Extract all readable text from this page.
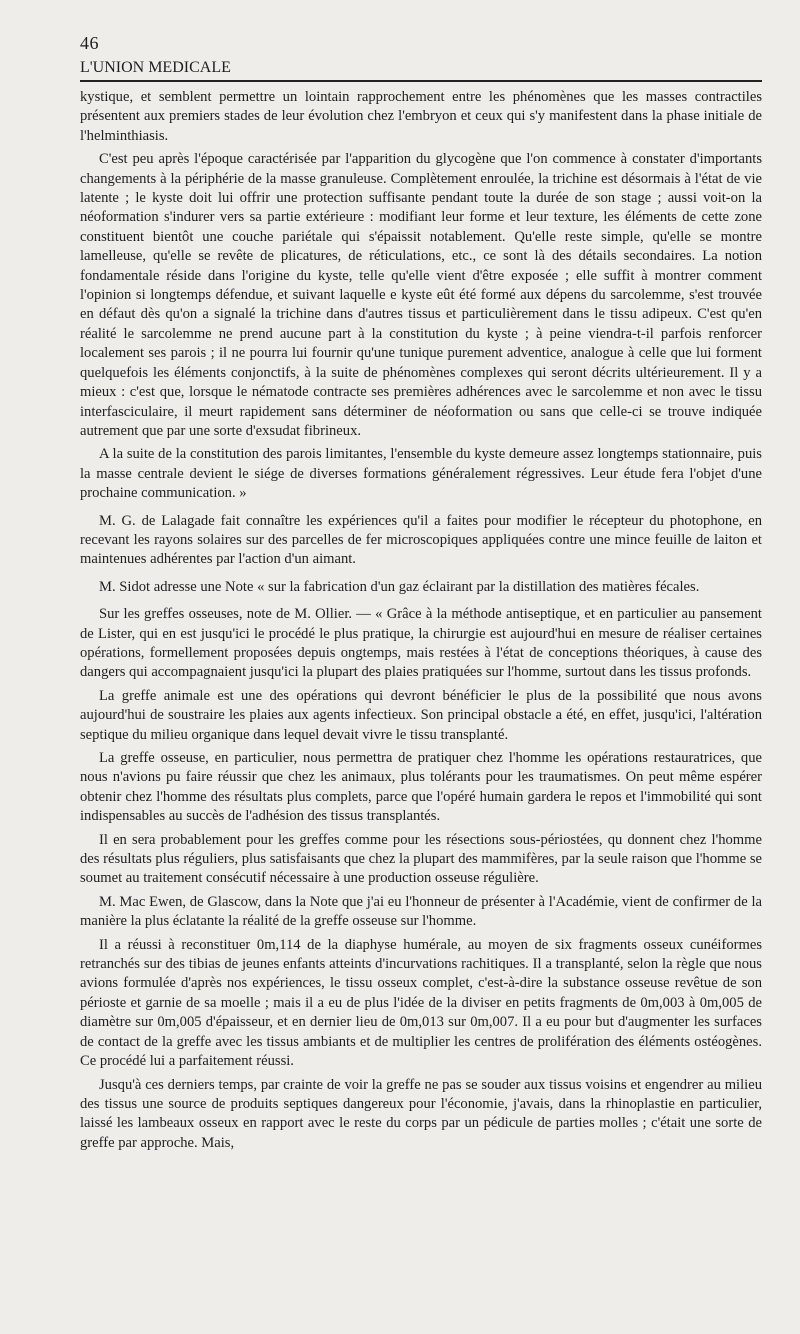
46
L'UNION MEDICALE

kystique, et semblent permettre un lointain rapprochement entre les phénomènes que les masses contractiles présentent aux premiers stades de leur évolution chez l'embryon et ceux qui s'y manifestent dans la phase initiale de l'helminthiasis.

C'est peu après l'époque caractérisée par l'apparition du glycogène que l'on commence à constater d'importants changements à la périphérie de la masse granuleuse. Complètement enroulée, la trichine est désormais à l'état de vie latente ; le kyste doit lui offrir une protection suffisante pendant toute la durée de son stage ; aussi voit-on la néoformation s'indurer vers sa partie extérieure : modifiant leur forme et leur texture, les éléments de cette zone constituent bientôt une couche pariétale qui s'épaissit notablement. Qu'elle reste simple, qu'elle se montre lamelleuse, qu'elle se revête de plicatures, de réticulations, etc., ce sont là des détails secondaires. La notion fondamentale réside dans l'origine du kyste, telle qu'elle vient d'être exposée ; elle suffit à montrer comment l'opinion si longtemps défendue, et suivant laquelle e kyste eût été formé aux dépens du sarcolemme, s'est trouvée en défaut dès qu'on a signalé la trichine dans d'autres tissus et particulièrement dans le tissu adipeux. C'est qu'en réalité le sarcolemme ne prend aucune part à la constitution du kyste ; à peine viendra-t-il parfois renforcer localement ses parois ; il ne pourra lui fournir qu'une tunique purement adventice, analogue à celle que lui forment quelquefois les éléments conjonctifs, à la suite de phénomènes complexes qui seront décrits ultérieurement. Il y a mieux : c'est que, lorsque le nématode contracte ses premières adhérences avec le sarcolemme et non avec le tissu interfasciculaire, il meurt rapidement sans déterminer de néoformation ou sans que celle-ci se trouve indiquée autrement que par une sorte d'exsudat fibrineux.

A la suite de la constitution des parois limitantes, l'ensemble du kyste demeure assez longtemps stationnaire, puis la masse centrale devient le siége de diverses formations généralement régressives. Leur étude fera l'objet d'une prochaine communication. »

M. G. de Lalagade fait connaître les expériences qu'il a faites pour modifier le récepteur du photophone, en recevant les rayons solaires sur des parcelles de fer microscopiques appliquées contre une mince feuille de laiton et maintenues adhérentes par l'action d'un aimant.

M. Sidot adresse une Note « sur la fabrication d'un gaz éclairant par la distillation des matières fécales.

Sur les greffes osseuses, note de M. Ollier. — « Grâce à la méthode antiseptique, et en particulier au pansement de Lister, qui en est jusqu'ici le procédé le plus pratique, la chirurgie est aujourd'hui en mesure de réaliser certaines opérations, formellement proposées depuis ongtemps, mais restées à l'état de conceptions théoriques, à cause des dangers qui accompagnaient jusqu'ici la plupart des plaies pratiquées sur l'homme, surtout dans les tissus profonds.

La greffe animale est une des opérations qui devront bénéficier le plus de la possibilité que nous avons aujourd'hui de soustraire les plaies aux agents infectieux. Son principal obstacle a été, en effet, jusqu'ici, l'altération septique du milieu organique dans lequel devait vivre le tissu transplanté.

La greffe osseuse, en particulier, nous permettra de pratiquer chez l'homme les opérations restauratrices, que nous n'avions pu faire réussir que chez les animaux, plus tolérants pour les traumatismes. On peut même espérer obtenir chez l'homme des résultats plus complets, parce que l'opéré humain gardera le repos et l'immobilité qui sont indispensables au succès de l'adhésion des tissus transplantés.

Il en sera probablement pour les greffes comme pour les résections sous-périostées, qu donnent chez l'homme des résultats plus réguliers, plus satisfaisants que chez la plupart des mammifères, par la seule raison que l'homme se soumet au traitement consécutif nécessaire à une production osseuse régulière.

M. Mac Ewen, de Glascow, dans la Note que j'ai eu l'honneur de présenter à l'Académie, vient de confirmer de la manière la plus éclatante la réalité de la greffe osseuse sur l'homme.

Il a réussi à reconstituer 0m,114 de la diaphyse humérale, au moyen de six fragments osseux cunéiformes retranchés sur des tibias de jeunes enfants atteints d'incurvations rachitiques. Il a transplanté, selon la règle que nous avions formulée d'après nos expériences, le tissu osseux complet, c'est-à-dire la substance osseuse revêtue de son périoste et garnie de sa moelle ; mais il a eu de plus l'idée de la diviser en petits fragments de 0m,003 à 0m,005 de diamètre sur 0m,005 d'épaisseur, et en dernier lieu de 0m,013 sur 0m,007. Il a eu pour but d'augmenter les surfaces de contact de la greffe avec les tissus ambiants et de multiplier les centres de prolifération des éléments ostéogènes. Ce procédé lui a parfaitement réussi.

Jusqu'à ces derniers temps, par crainte de voir la greffe ne pas se souder aux tissus voisins et engendrer au milieu des tissus une source de produits septiques dangereux pour l'économie, j'avais, dans la rhinoplastie en particulier, laissé les lambeaux osseux en rapport avec le reste du corps par un pédicule de parties molles ; c'était une sorte de greffe par approche. Mais,
